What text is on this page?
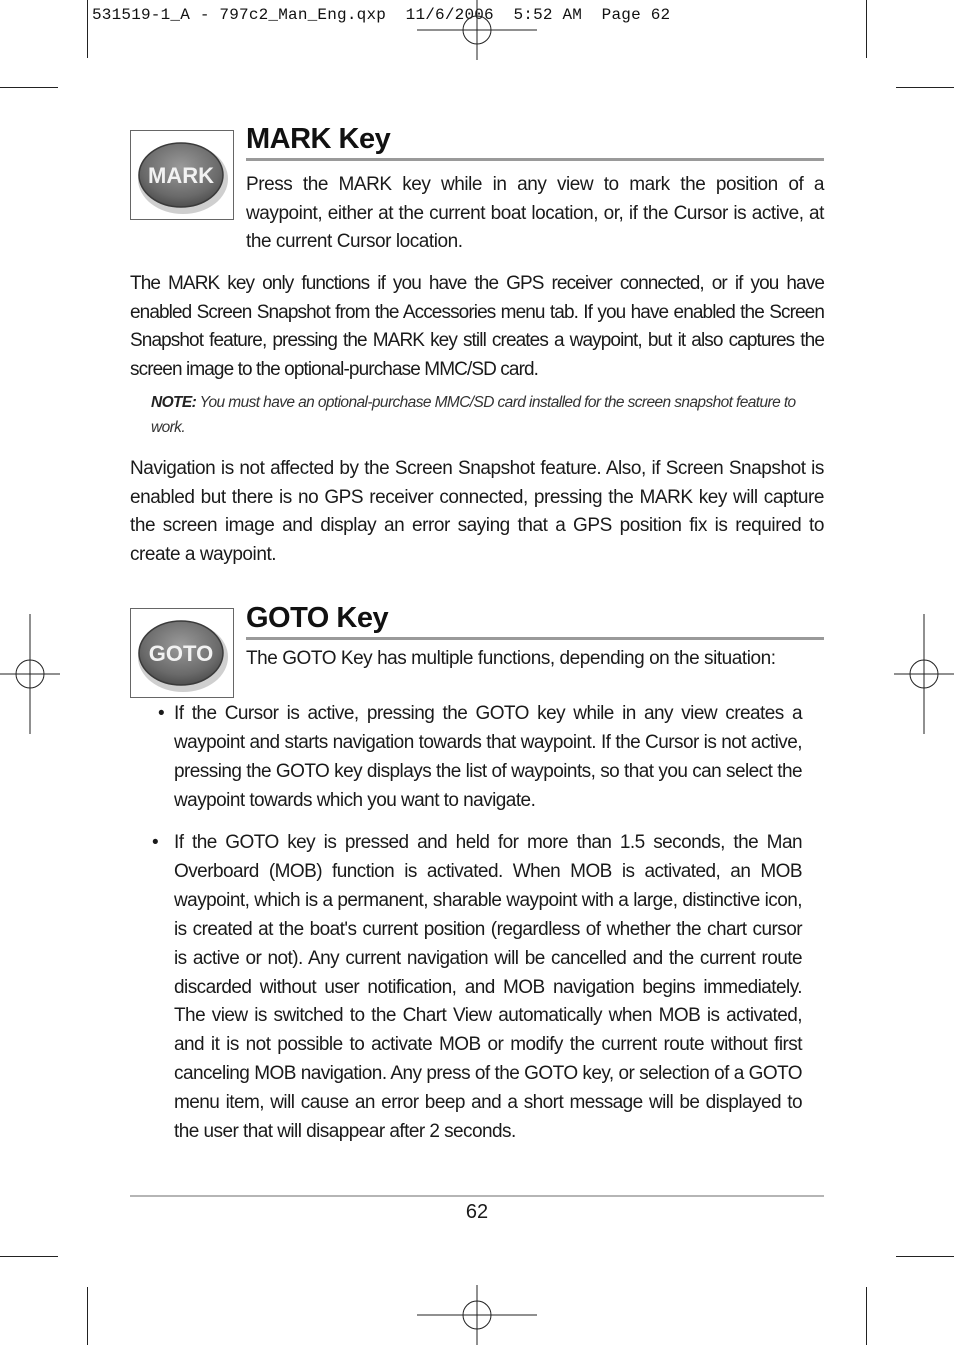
531519-1_A - 797c2_Man_Eng.qxp  11/6/2006  5:52 AM  Page 62
MARK
MARK Key
Press the MARK key while in any view to mark the position of a waypoint, either at the current boat location, or, if the Cursor is active, at the current Cursor location.
The MARK key only functions if you have the GPS receiver connected, or if you have enabled Screen Snapshot from the Accessories menu tab. If you have enabled the Screen Snapshot feature, pressing the MARK key still creates a waypoint, but it also captures the screen image to the optional-purchase MMC/SD card.
NOTE: You must have an optional-purchase MMC/SD card installed for the screen snapshot feature to work.
Navigation is not affected by the Screen Snapshot feature. Also, if Screen Snapshot is enabled but there is no GPS receiver connected, pressing the MARK key will capture the screen image and display an error saying that a GPS position fix is required to create a waypoint.
GOTO
GOTO Key
The GOTO Key has multiple functions, depending on the situation:
• If the Cursor is active, pressing the GOTO key while in any view creates a waypoint and starts navigation towards that waypoint. If the Cursor is not active, pressing the GOTO key displays the list of waypoints, so that you can select the waypoint towards which you want to navigate.
• If the GOTO key is pressed and held for more than 1.5 seconds, the Man Overboard (MOB) function is activated. When MOB is activated, an MOB waypoint, which is a permanent, sharable waypoint with a large, distinctive icon, is created at the boat's current position (regardless of whether the chart cursor is active or not). Any current navigation will be cancelled and the current route discarded without user notification, and MOB navigation begins immediately. The view is switched to the Chart View automatically when MOB is activated, and it is not possible to activate MOB or modify the current route without first canceling MOB navigation. Any press of the GOTO key, or selection of a GOTO menu item, will cause an error beep and a short message will be displayed to the user that will disappear after 2 seconds.
62
